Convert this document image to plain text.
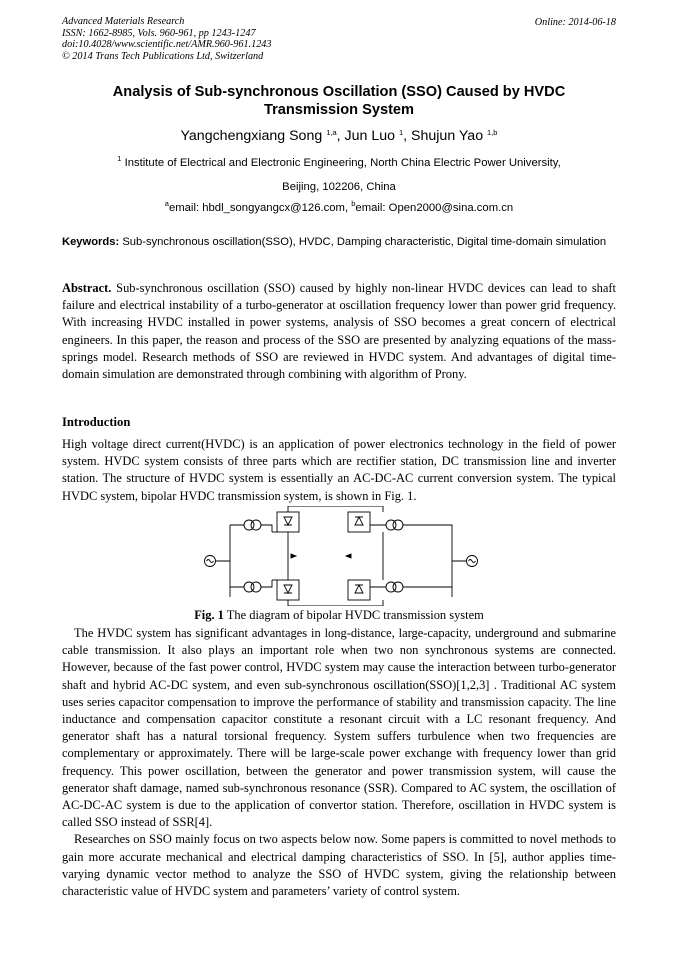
Advanced Materials Research
ISSN: 1662-8985, Vols. 960-961, pp 1243-1247
doi:10.4028/www.scientific.net/AMR.960-961.1243
© 2014 Trans Tech Publications Ltd, Switzerland
Online: 2014-06-18
Analysis of Sub-synchronous Oscillation (SSO) Caused by HVDC
Transmission System
Yangchengxiang Song $^{1,a}$, Jun Luo $^1$, Shujun Yao $^{1,b}$
$^1$ Institute of Electrical and Electronic Engineering, North China Electric Power University,
Beijing, 102206, China
$^a$email: hbdl_songyangcx@126.com, $^b$email: Open2000@sina.com.cn
Keywords: Sub-synchronous oscillation(SSO), HVDC, Damping characteristic, Digital time-domain simulation

Abstract. Sub-synchronous oscillation (SSO) caused by highly non-linear HVDC devices can lead to shaft failure and electrical instability of a turbo-generator at oscillation frequency lower than power grid frequency. With increasing HVDC installed in power systems, analysis of SSO becomes a great concern of electrical engineers. In this paper, the reason and process of the SSO are presented by analyzing equations of the mass-springs model. Research methods of SSO are reviewed in HVDC system. And advantages of digital time-domain simulation are demonstrated through combining with algorithm of Prony.

Introduction

High voltage direct current(HVDC) is an application of power electronics technology in the field of power system. HVDC system consists of three parts which are rectifier station, DC transmission line and inverter station. The structure of HVDC system is essentially an AC-DC-AC current conversion system. The typical HVDC system, bipolar HVDC transmission system, is shown in Fig. 1.

Fig. 1 The diagram of bipolar HVDC transmission system

The HVDC system has significant advantages in long-distance, large-capacity, underground and submarine cable transmission. It also plays an important role when two non synchronous systems are connected. However, because of the fast power control, HVDC system may cause the interaction between turbo-generator shaft and hybrid AC-DC system, and even sub-synchronous oscillation(SSO)[1,2,3] . Traditional AC system uses series capacitor compensation to improve the performance of stability and transmission capacity. The line inductance and compensation capacitor constitute a resonant circuit with a LC resonant frequency. And generator shaft has a natural torsional frequency. System suffers turbulence when two frequencies are complementary or approximately. There will be large-scale power exchange with frequency lower than grid frequency. This power oscillation, between the generator and power transmission system, will cause the generator shaft damage, named sub-synchronous resonance (SSR). Compared to AC system, the oscillation of AC-DC-AC system is due to the application of convertor station. Therefore, oscillation in HVDC system is called SSO instead of SSR[4].

Researches on SSO mainly focus on two aspects below now. Some papers is committed to novel methods to gain more accurate mechanical and electrical damping characteristics of SSO. In [5], author applies time-varying dynamic vector method to analyze the SSO of HVDC system, giving the relationship between characteristic value of HVDC system and parameters’ variety of control system.
